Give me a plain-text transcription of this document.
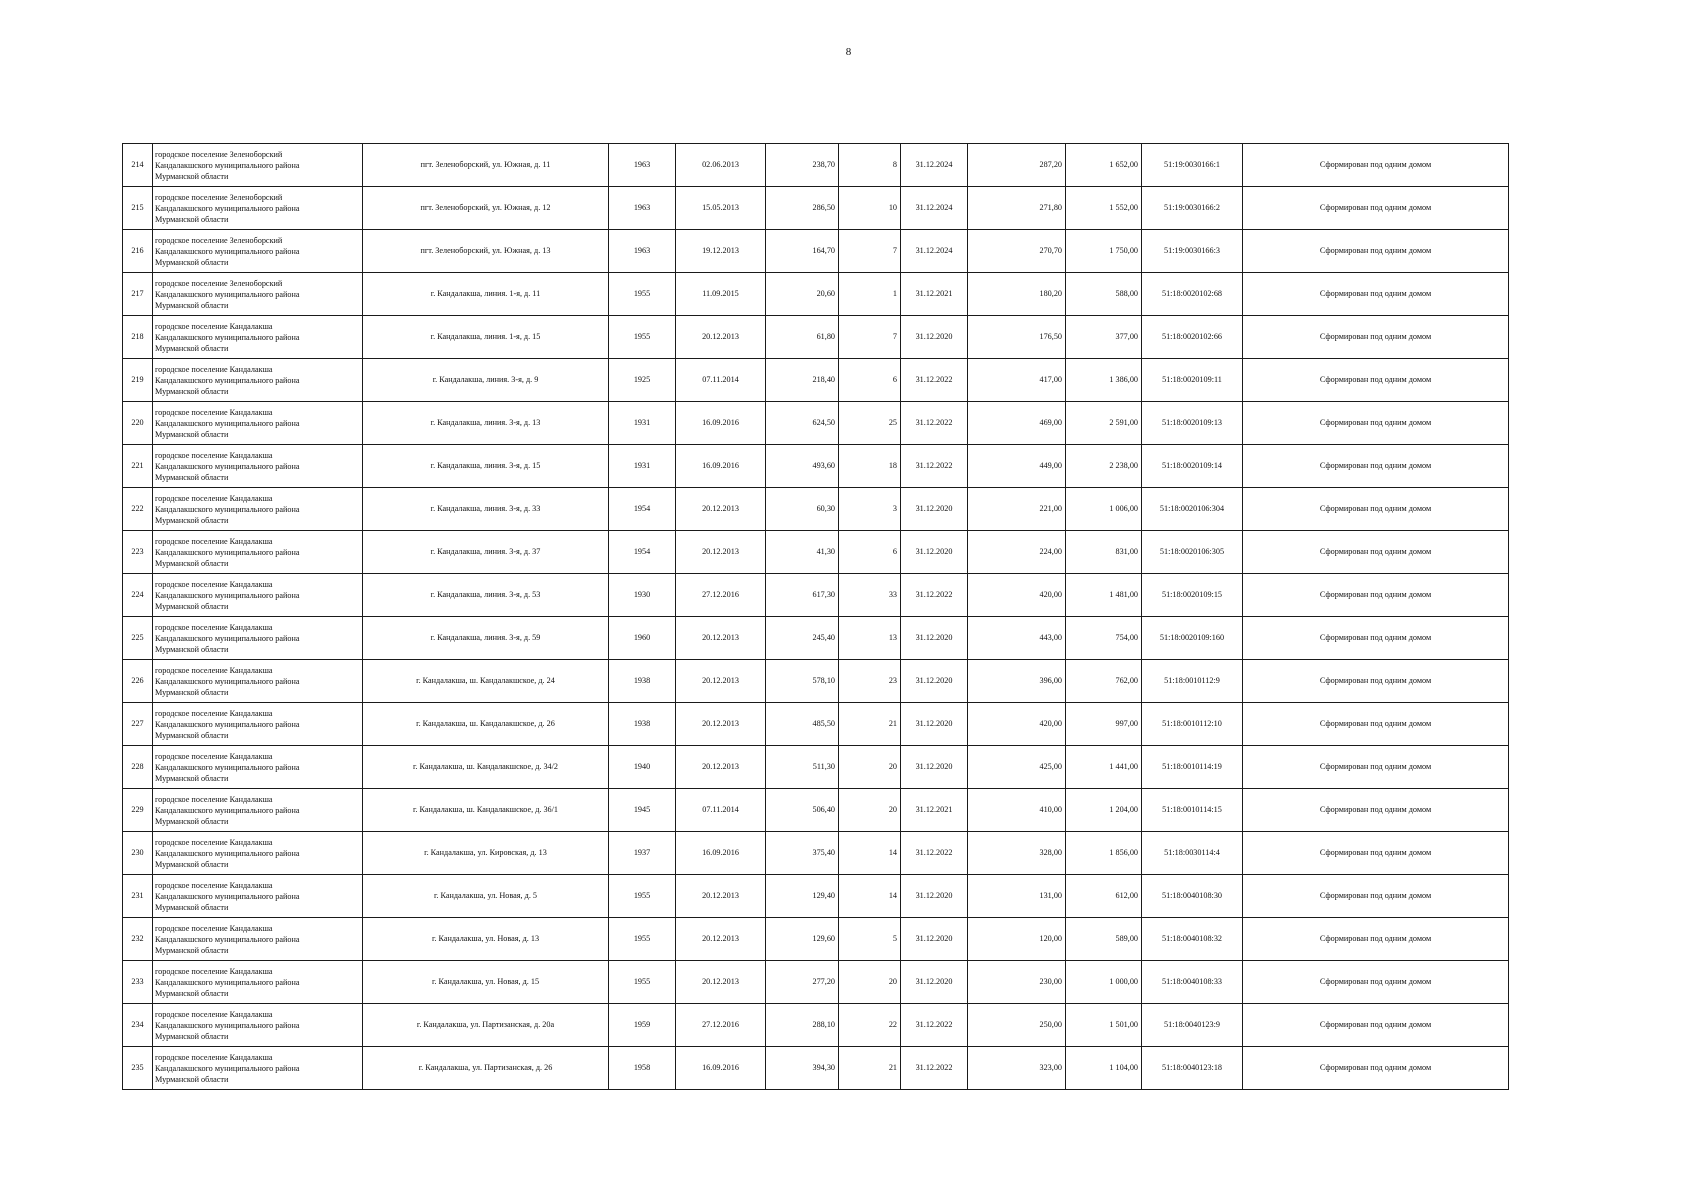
8
214	городское поселение Зеленоборский
Кандалакшского муниципального района
Мурманской области	пгт. Зеленоборский, ул. Южная, д. 11	1963	02.06.2013	238,70	8	31.12.2024	287,20	1 652,00	51:19:0030166:1	Сформирован под одним домом
215	городское поселение Зеленоборский
Кандалакшского муниципального района
Мурманской области	пгт. Зеленоборский, ул. Южная, д. 12	1963	15.05.2013	286,50	10	31.12.2024	271,80	1 552,00	51:19:0030166:2	Сформирован под одним домом
216	городское поселение Зеленоборский
Кандалакшского муниципального района
Мурманской области	пгт. Зеленоборский, ул. Южная, д. 13	1963	19.12.2013	164,70	7	31.12.2024	270,70	1 750,00	51:19:0030166:3	Сформирован под одним домом
217	городское поселение Зеленоборский
Кандалакшского муниципального района
Мурманской области	г. Кандалакша, линия. 1-я, д. 11	1955	11.09.2015	20,60	1	31.12.2021	180,20	588,00	51:18:0020102:68	Сформирован под одним домом
218	городское поселение Кандалакша
Кандалакшского муниципального района
Мурманской области	г. Кандалакша, линия. 1-я, д. 15	1955	20.12.2013	61,80	7	31.12.2020	176,50	377,00	51:18:0020102:66	Сформирован под одним домом
219	городское поселение Кандалакша
Кандалакшского муниципального района
Мурманской области	г. Кандалакша, линия. 3-я, д. 9	1925	07.11.2014	218,40	6	31.12.2022	417,00	1 386,00	51:18:0020109:11	Сформирован под одним домом
220	городское поселение Кандалакша
Кандалакшского муниципального района
Мурманской области	г. Кандалакша, линия. 3-я, д. 13	1931	16.09.2016	624,50	25	31.12.2022	469,00	2 591,00	51:18:0020109:13	Сформирован под одним домом
221	городское поселение Кандалакша
Кандалакшского муниципального района
Мурманской области	г. Кандалакша, линия. 3-я, д. 15	1931	16.09.2016	493,60	18	31.12.2022	449,00	2 238,00	51:18:0020109:14	Сформирован под одним домом
222	городское поселение Кандалакша
Кандалакшского муниципального района
Мурманской области	г. Кандалакша, линия. 3-я, д. 33	1954	20.12.2013	60,30	3	31.12.2020	221,00	1 006,00	51:18:0020106:304	Сформирован под одним домом
223	городское поселение Кандалакша
Кандалакшского муниципального района
Мурманской области	г. Кандалакша, линия. 3-я, д. 37	1954	20.12.2013	41,30	6	31.12.2020	224,00	831,00	51:18:0020106:305	Сформирован под одним домом
224	городское поселение Кандалакша
Кандалакшского муниципального района
Мурманской области	г. Кандалакша, линия. 3-я, д. 53	1930	27.12.2016	617,30	33	31.12.2022	420,00	1 481,00	51:18:0020109:15	Сформирован под одним домом
225	городское поселение Кандалакша
Кандалакшского муниципального района
Мурманской области	г. Кандалакша, линия. 3-я, д. 59	1960	20.12.2013	245,40	13	31.12.2020	443,00	754,00	51:18:0020109:160	Сформирован под одним домом
226	городское поселение Кандалакша
Кандалакшского муниципального района
Мурманской области	г. Кандалакша, ш. Кандалакшское, д. 24	1938	20.12.2013	578,10	23	31.12.2020	396,00	762,00	51:18:0010112:9	Сформирован под одним домом
227	городское поселение Кандалакша
Кандалакшского муниципального района
Мурманской области	г. Кандалакша, ш. Кандалакшское, д. 26	1938	20.12.2013	485,50	21	31.12.2020	420,00	997,00	51:18:0010112:10	Сформирован под одним домом
228	городское поселение Кандалакша
Кандалакшского муниципального района
Мурманской области	г. Кандалакша, ш. Кандалакшское, д. 34/2	1940	20.12.2013	511,30	20	31.12.2020	425,00	1 441,00	51:18:0010114:19	Сформирован под одним домом
229	городское поселение Кандалакша
Кандалакшского муниципального района
Мурманской области	г. Кандалакша, ш. Кандалакшское, д. 36/1	1945	07.11.2014	506,40	20	31.12.2021	410,00	1 204,00	51:18:0010114:15	Сформирован под одним домом
230	городское поселение Кандалакша
Кандалакшского муниципального района
Мурманской области	г. Кандалакша, ул. Кировская, д. 13	1937	16.09.2016	375,40	14	31.12.2022	328,00	1 856,00	51:18:0030114:4	Сформирован под одним домом
231	городское поселение Кандалакша
Кандалакшского муниципального района
Мурманской области	г. Кандалакша, ул. Новая, д. 5	1955	20.12.2013	129,40	14	31.12.2020	131,00	612,00	51:18:0040108:30	Сформирован под одним домом
232	городское поселение Кандалакша
Кандалакшского муниципального района
Мурманской области	г. Кандалакша, ул. Новая, д. 13	1955	20.12.2013	129,60	5	31.12.2020	120,00	589,00	51:18:0040108:32	Сформирован под одним домом
233	городское поселение Кандалакша
Кандалакшского муниципального района
Мурманской области	г. Кандалакша, ул. Новая, д. 15	1955	20.12.2013	277,20	20	31.12.2020	230,00	1 000,00	51:18:0040108:33	Сформирован под одним домом
234	городское поселение Кандалакша
Кандалакшского муниципального района
Мурманской области	г. Кандалакша, ул. Партизанская, д. 20а	1959	27.12.2016	288,10	22	31.12.2022	250,00	1 501,00	51:18:0040123:9	Сформирован под одним домом
235	городское поселение Кандалакша
Кандалакшского муниципального района
Мурманской области	г. Кандалакша, ул. Партизанская, д. 26	1958	16.09.2016	394,30	21	31.12.2022	323,00	1 104,00	51:18:0040123:18	Сформирован под одним домом
